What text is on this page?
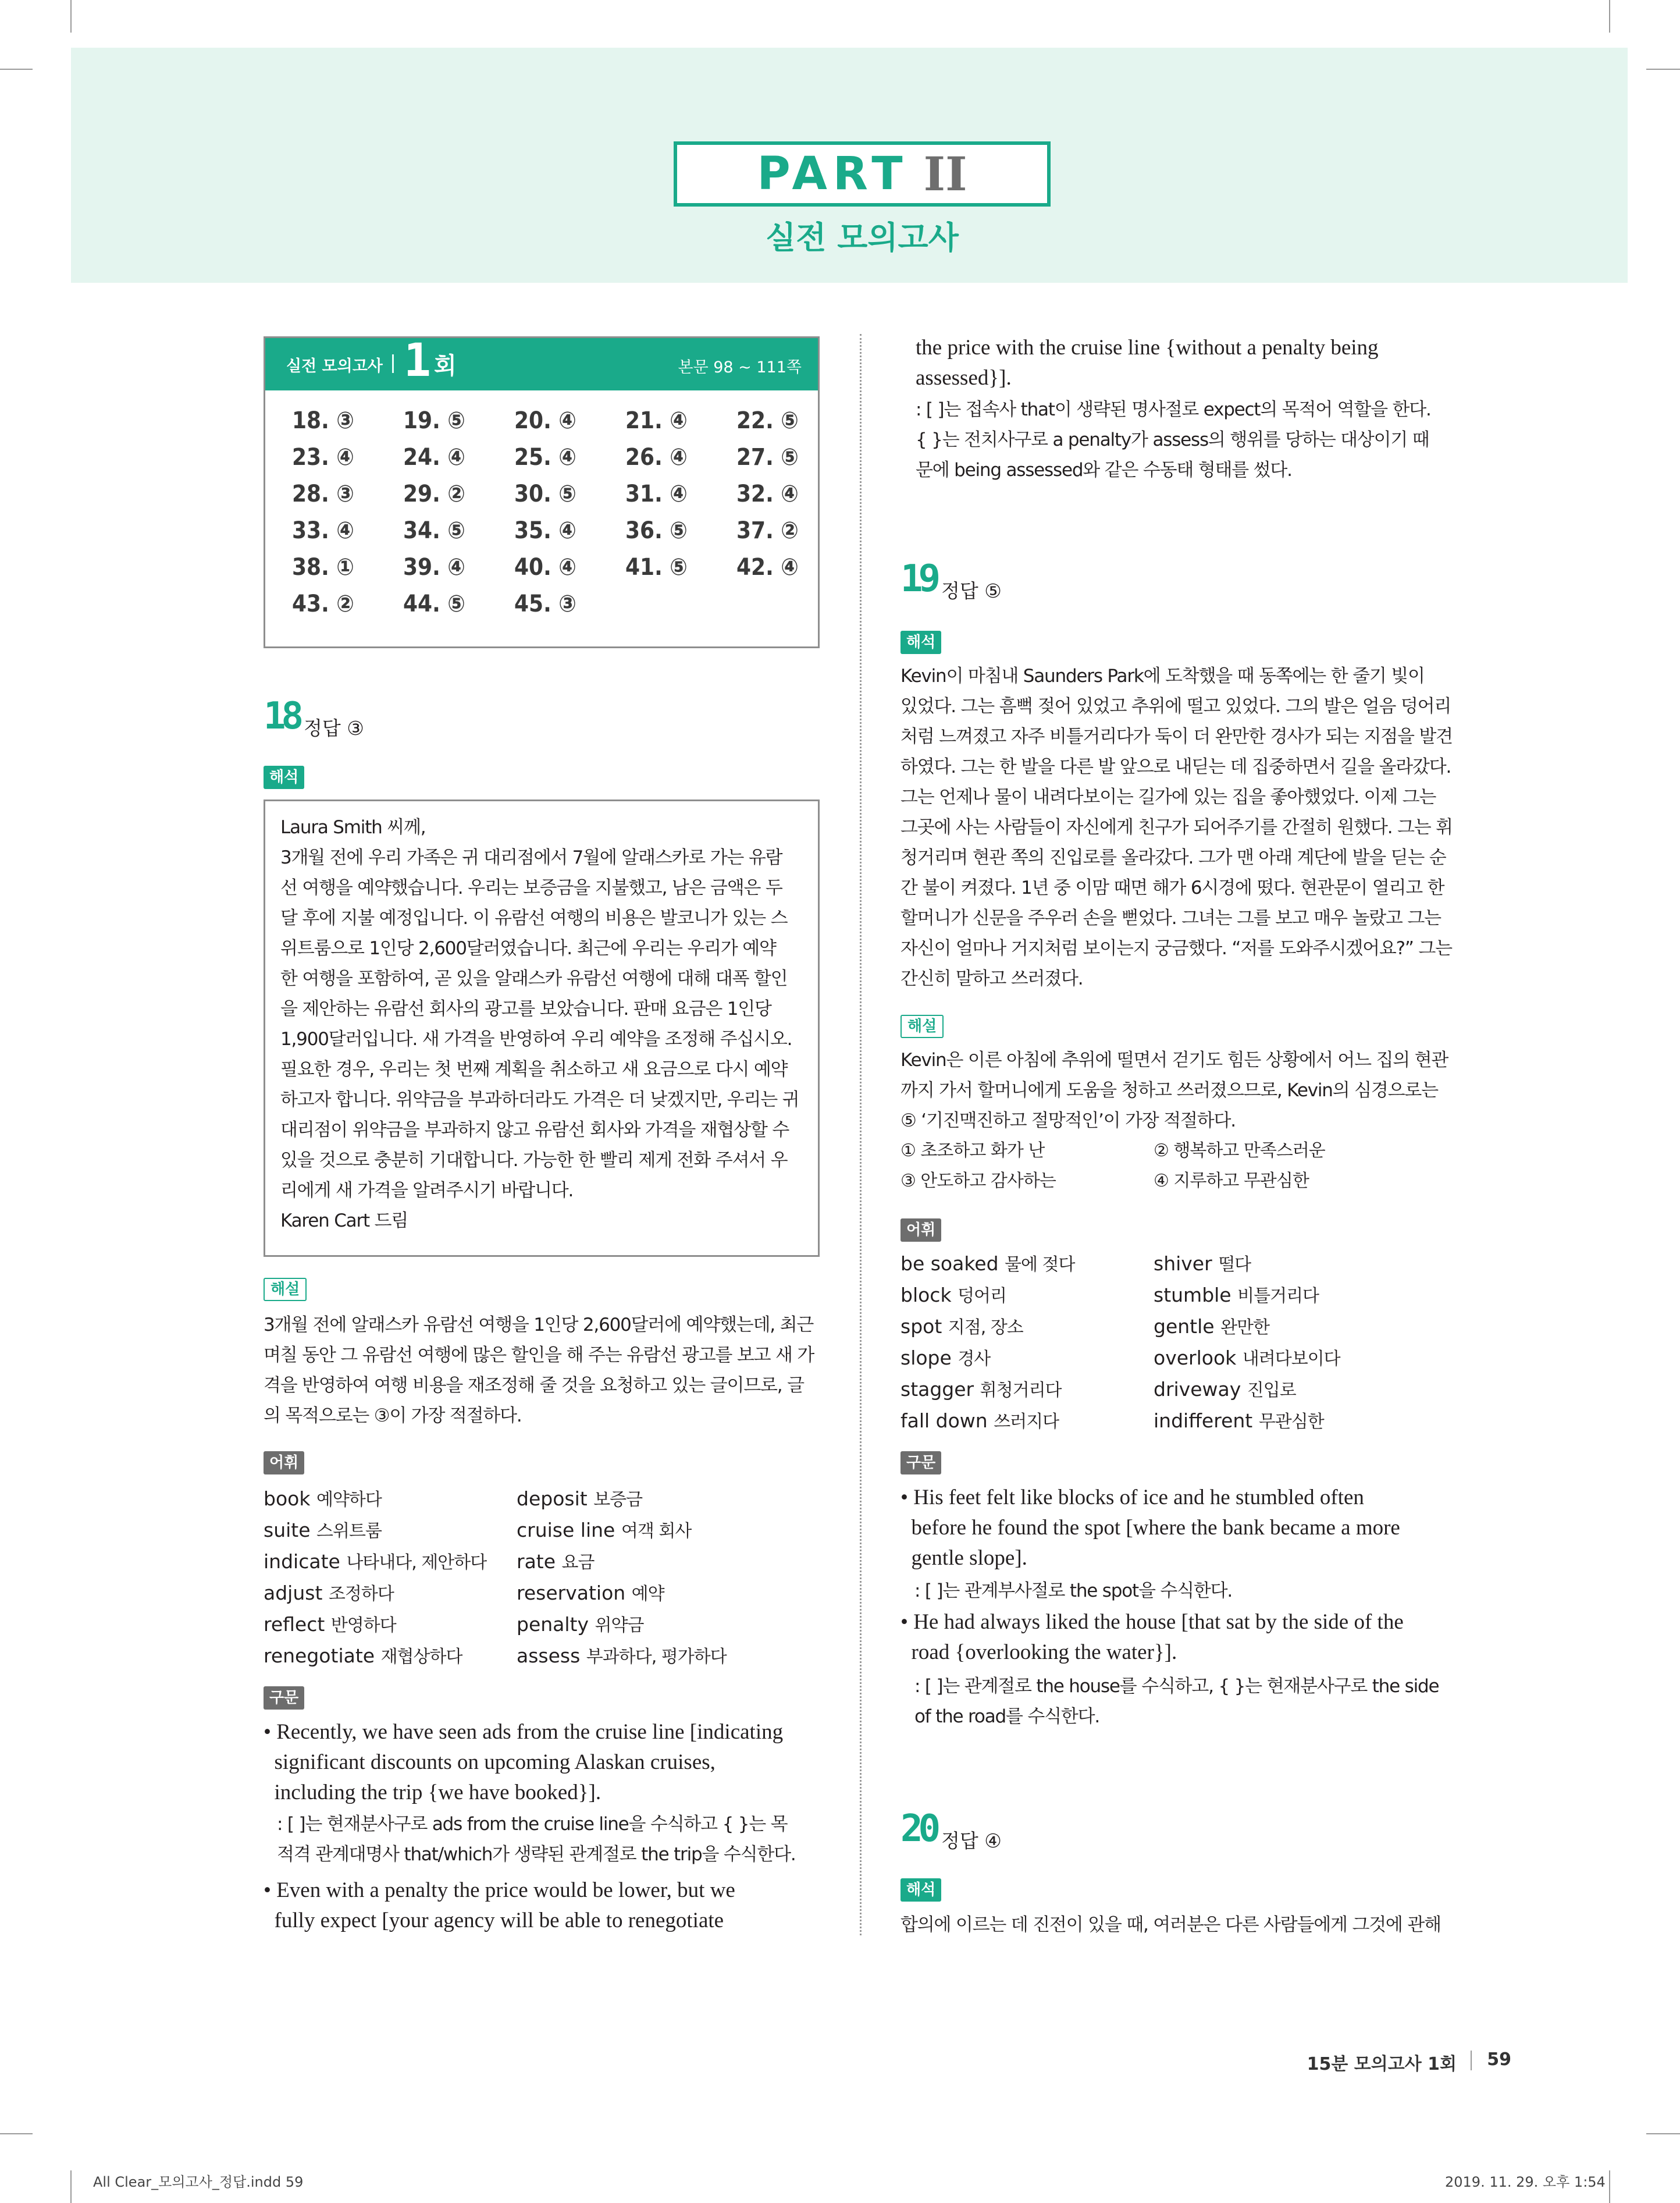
PART II
실전 모의고사
실전 모의고사 1 회	본문 98 ~ 111쪽
18. ③	19. ⑤	20. ④	21. ④	22. ⑤
23. ④	24. ④	25. ④	26. ④	27. ⑤
28. ③	29. ②	30. ⑤	31. ④	32. ④
33. ④	34. ⑤	35. ④	36. ⑤	37. ②
38. ①	39. ④	40. ④	41. ⑤	42. ④
43. ②	44. ⑤	45. ③
18 정답 ③
해석

Laura Smith 씨께,

3개월 전에 우리 가족은 귀 대리점에서 7월에 알래스카로 가는 유람

선 여행을 예약했습니다. 우리는 보증금을 지불했고, 남은 금액은 두

달 후에 지불 예정입니다. 이 유람선 여행의 비용은 발코니가 있는 스

위트룸으로 1인당 2,600달러였습니다. 최근에 우리는 우리가 예약

한 여행을 포함하여, 곧 있을 알래스카 유람선 여행에 대해 대폭 할인

을 제안하는 유람선 회사의 광고를 보았습니다. 판매 요금은 1인당

1,900달러입니다. 새 가격을 반영하여 우리 예약을 조정해 주십시오.

필요한 경우, 우리는 첫 번째 계획을 취소하고 새 요금으로 다시 예약

하고자 합니다. 위약금을 부과하더라도 가격은 더 낮겠지만, 우리는 귀

대리점이 위약금을 부과하지 않고 유람선 회사와 가격을 재협상할 수

있을 것으로 충분히 기대합니다. 가능한 한 빨리 제게 전화 주셔서 우

리에게 새 가격을 알려주시기 바랍니다.

Karen Cart 드림

해설

3개월 전에 알래스카 유람선 여행을 1인당 2,600달러에 예약했는데, 최근

며칠 동안 그 유람선 여행에 많은 할인을 해 주는 유람선 광고를 보고 새 가

격을 반영하여 여행 비용을 재조정해 줄 것을 요청하고 있는 글이므로, 글

의 목적으로는 ③이 가장 적절하다.

어휘
book 예약하다	deposit 보증금
suite 스위트룸	cruise line 여객 회사
indicate 나타내다, 제안하다	rate 요금
adjust 조정하다	reservation 예약
reflect 반영하다	penalty 위약금
renegotiate 재협상하다	assess 부과하다, 평가하다
구문

• Recently, we have seen ads from the cruise line [indicating

significant discounts on upcoming Alaskan cruises,

including the trip {we have booked}].

: [ ]는 현재분사구로 ads from the cruise line을 수식하고 { }는 목

적격 관계대명사 that/which가 생략된 관계절로 the trip을 수식한다.

• Even with a penalty the price would be lower, but we

fully expect [your agency will be able to renegotiate

the price with the cruise line {without a penalty being

assessed}].

: [ ]는 접속사 that이 생략된 명사절로 expect의 목적어 역할을 한다.

{ }는 전치사구로 a penalty가 assess의 행위를 당하는 대상이기 때

문에 being assessed와 같은 수동태 형태를 썼다.

19 정답 ⑤
해석

Kevin이 마침내 Saunders Park에 도착했을 때 동쪽에는 한 줄기 빛이

있었다. 그는 흠뻑 젖어 있었고 추위에 떨고 있었다. 그의 발은 얼음 덩어리

처럼 느껴졌고 자주 비틀거리다가 둑이 더 완만한 경사가 되는 지점을 발견

하였다. 그는 한 발을 다른 발 앞으로 내딛는 데 집중하면서 길을 올라갔다.

그는 언제나 물이 내려다보이는 길가에 있는 집을 좋아했었다. 이제 그는

그곳에 사는 사람들이 자신에게 친구가 되어주기를 간절히 원했다. 그는 휘

청거리며 현관 쪽의 진입로를 올라갔다. 그가 맨 아래 계단에 발을 딛는 순

간 불이 켜졌다. 1년 중 이맘 때면 해가 6시경에 떴다. 현관문이 열리고 한

할머니가 신문을 주우러 손을 뻗었다. 그녀는 그를 보고 매우 놀랐고 그는

자신이 얼마나 거지처럼 보이는지 궁금했다. “저를 도와주시겠어요?” 그는

간신히 말하고 쓰러졌다.

해설

Kevin은 이른 아침에 추위에 떨면서 걷기도 힘든 상황에서 어느 집의 현관

까지 가서 할머니에게 도움을 청하고 쓰러졌으므로, Kevin의 심경으로는

⑤ ‘기진맥진하고 절망적인’이 가장 적절하다.

① 초조하고 화가 난	② 행복하고 만족스러운
③ 안도하고 감사하는	④ 지루하고 무관심한
어휘
be soaked 물에 젖다	shiver 떨다
block 덩어리	stumble 비틀거리다
spot 지점, 장소	gentle 완만한
slope 경사	overlook 내려다보이다
stagger 휘청거리다	driveway 진입로
fall down 쓰러지다	indifferent 무관심한
구문

• His feet felt like blocks of ice and he stumbled often

before he found the spot [where the bank became a more

gentle slope].

: [ ]는 관계부사절로 the spot을 수식한다.

• He had always liked the house [that sat by the side of the

road {overlooking the water}].

: [ ]는 관계절로 the house를 수식하고, { }는 현재분사구로 the side

of the road를 수식한다.

20 정답 ④
해석

합의에 이르는 데 진전이 있을 때, 여러분은 다른 사람들에게 그것에 관해

15분 모의고사 1회 59
All Clear_모의고사_정답.indd 59	2019. 11. 29. 오후 1:54
